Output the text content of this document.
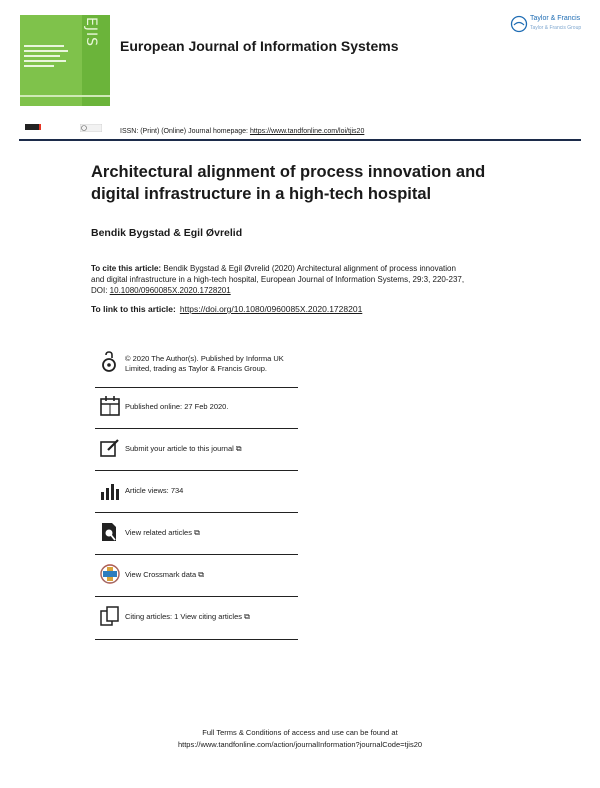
EJIS European Journal of Information Systems
Taylor & Francis
Taylor & Francis Group
ISSN: (Print) (Online) Journal homepage: https://www.tandfonline.com/loi/tjis20
Architectural alignment of process innovation and digital infrastructure in a high-tech hospital
Bendik Bygstad & Egil Øvrelid
To cite this article: Bendik Bygstad & Egil Øvrelid (2020) Architectural alignment of process innovation and digital infrastructure in a high-tech hospital, European Journal of Information Systems, 29:3, 220-237, DOI: 10.1080/0960085X.2020.1728201
To link to this article: https://doi.org/10.1080/0960085X.2020.1728201
© 2020 The Author(s). Published by Informa UK Limited, trading as Taylor & Francis Group.
Published online: 27 Feb 2020.
Submit your article to this journal ⧉
Article views: 734
View related articles ⧉
View Crossmark data ⧉
Citing articles: 1 View citing articles ⧉
Full Terms & Conditions of access and use can be found at
https://www.tandfonline.com/action/journalInformation?journalCode=tjis20
